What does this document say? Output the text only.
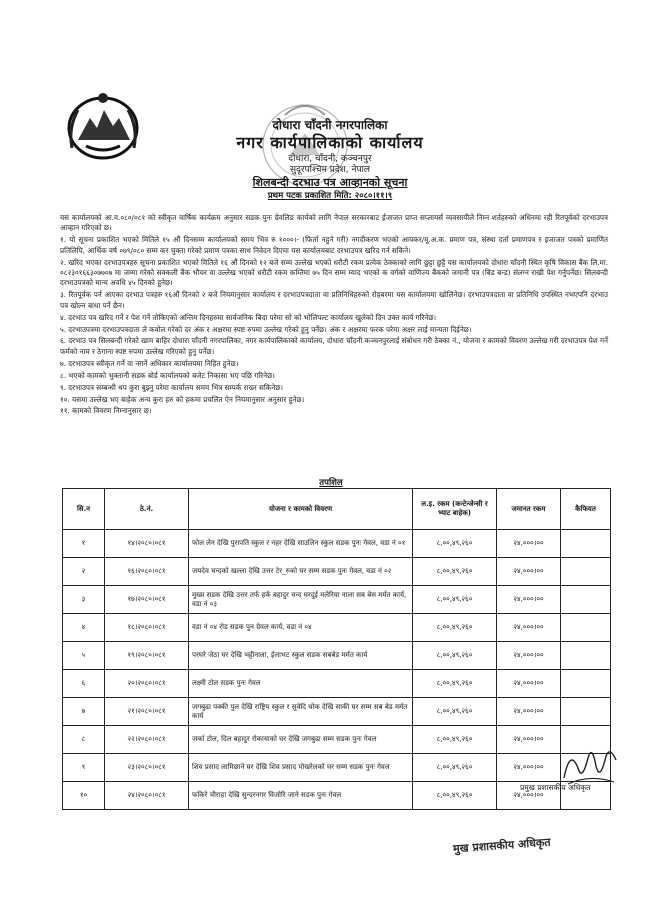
दोधारा चाँदनी नगरपालिका
नगर कार्यपालिकाको कार्यालय
दोधारा, चाँदनी, कञ्चनपुर
सुदूरपश्चिम प्रदेश, नेपाल
शिलबन्दी दरभाउ पत्र आव्हानको सूचना
प्रथम पटक प्रकाशित मिति: २०८०।११।९

यस कार्यालयको आ.व.०८०/०८१ को स्वीकृत वार्षिक कार्यक्रम अनुसार सडक पुनः ग्रेवलिङ कार्यको लागि नेपाल सरकारबाट ईजाजत प्राप्त सप्लायर्स व्यवसायीले निम्न शर्तहरुको अधिनमा रही रितपूर्वको दरभाउपत्र आव्हान गरिएको छ।

१. यो सूचना प्रकाशित भएको मितिले १५ औं दिनसम्म कार्यालयको समय भित्र रु १०००।- (फिर्ता नहुने गरी) नगदीकरण भएको आयकर/मू.अ.क. प्रमाण पत्र, संस्था दर्ता प्रमाणपत्र र इजाजत पत्रको प्रमाणित प्रतिलिपि, आर्थिक वर्ष ०७९/०८० सम्म कर चुक्ता गरेको प्रमाण पत्रका साथ निवेदन दिएमा यस कार्यालयबाट दरभाउपत्र खरिद गर्न सकिने।

२. खरिद भएका दरभाउपत्रहरु सूचना प्रकाशित भएको मितिले १६ औं दिनको १२ बजे सम्म उल्लेख भएको धरौटी रकम प्रत्येक ठेक्काको लागि छुट्टा छुट्टै यस कार्यालयको दोधारा चाँदनी स्थित कृषि विकास बैंक लि.मा. ०८२३०१६६३०७७०७ मा जम्मा गरेको सक्कली बैंक भौचर वा उल्लेख भएको धरौटी रकम कम्तिमा ७५ दिन सम्म म्याद भएको क वर्गको वाणिज्य बैंकको जमानी पत्र (बिड बन्ड) संलग्न राखी पेश गर्नुपर्नेछ। सिलबन्दी दरभाउपत्रको मान्य अवधि ४५ दिनको हुनेछ।

३. रितपूर्वक पर्न आएका दरभाउ पत्रहरु १६औं दिनको २ बजे नियमानुसार कार्यालय र दरभाउपत्रदाता वा प्रतिनिधिहरुको रोहबरमा यस कार्यालयमा खोलिनेछ। दरभाउपत्रदाता वा प्रतिनिधि उपस्थित नभएपनि दरभाउ पत्र खोल्न बाधा पर्ने छैन।

४. दरभाउ पत्र खरिद गर्ने र पेश गर्ने तोकिएको अन्तिम दिनहरुमा सार्वजनिक बिदा परेमा सो को भोलिपल्ट कार्यालय खुलेको दिन उक्त कार्य गरिनेछ।

५. दरभाउपत्रमा दरभाउपत्रदाता ले कवोल गरेको दर अंक र अक्षरमा स्पष्ट रुपमा उल्लेख गरेको हुनु पर्नेछ। अंक र अक्षरमा फरक परेमा अक्षर लाई मान्यता दिईनेछ।

६. दरभाउ पत्र सिलबन्दी गरेको खाम बाहिर दोधारा चाँदनी नगरपालिका, नगर कार्यपालिकाको कार्यालय, दोधारा चाँदनी कञ्चनपुरलाई संबोधन गरी ठेक्का नं., योजना र कामको विवरण उल्लेख गरी दरभाउपत्र पेश गर्ने फर्मको नाम र ठेगाना स्पष्ट रुपमा उल्लेख गरिएको हुनु पर्नेछ।

७. दरभाउपत्र स्वीकृत गर्ने वा नगर्ने अधिकार कार्यालयमा निहित हुनेछ।

८. भएको कामको भुक्तानी सडक बोर्ड कार्यालयको बजेट निकासा भए पछि गरिनेछ।

९. दरभाउपत्र सम्बन्धी थप कुरा बुझ्नु परेमा कार्यालय समय भित्र सम्पर्क राख्न सकिनेछ।

१०. यसमा उल्लेख भए बाहेक अन्य कुरा हरु को हकमा प्रचलित ऐन नियमानुसार अनुसार हुनेछ।

११. कामको विवरण निम्नानुसार छ।

तपशिल
सि.न	ठे.नं.	योजना र कामको विवरण	ल.इ. रकम (कन्टेन्जेन्सी र भ्याट बाहेक)	जमानत रकम	कैफियत
१	१४।२०८०।०८१	फोल लेन देखि पुरापति स्कुल र नहर देखि साउलिन स्कुल सडक पुनः गेवल, वडा नं ०१	८,००,४९,२६०	२४,०००।००	
२	१६।२०८०।०८१	जयदेव चन्दको खल्ला देखि उत्तर टेर_रुको घर सम्म सडक पुनः गेवल, वडा नं ०२	८,००,४९,२६०	२४,०००।००	
३	१७।२०८०।०८१	मुख्य सडक देखि उत्तर तर्फ हर्क बहादुर चन्द घरदुई मलेरिया नाला सब बेस मर्मत कार्य, वडा नं ०३	८,००,४९,२६०	२४,०००।००	
४	१८।२०८०।०८१	वडा नं ०४ रोड सडक पुन ग्रेवल कार्य, वडा नं ०४	८,००,४९,२६०	२४,०००।००	
५	१९।२०८०।०८१	परघरे जेठा घर देखि भट्टीनाला, ईलाभट स्कुल सडक सबबेड मर्मत कार्य	८,००,४९,२६०	२४,०००।००	
६	२०।२०८०।०८१	लक्ष्मी टोल सडक पुनः गेवल	८,००,४९,२६०	२४,०००।००	
७	२१।२०८०।०८१	जगबुढा पक्की पुल देखि राष्ट्रिय स्कुल र सुवेदि चोक देखि साकी घर सम्म सब बेड मर्मत कार्य	८,००,४९,२६०	२४,०००।००	
८	२२।२०८०।०८१	जर्का टोल, दिल बहादुर रोकायाको घर देखि जगबुढा सम्म सडक पुनः गेवल	८,००,४९,२६०	२४,०००।००	
९	२३।२०८०।०८१	शिव प्रसाद लामिछाने घर देखि शिव प्रसाद पोखरेलको घर सम्म सडक पुनः गेवल	८,००,४९,२६०	२४,०००।००	
१०	२४।२०८०।०८१	फकिरे चौराहा देखि सुन्दरनगर विजोरि जाने सडक पुनः गेवल	८,००,४९,२६०	२४,०००।००	
प्रमुख प्रशासकीय अधिकृत
मुख प्रशासकीय अधिकृत
